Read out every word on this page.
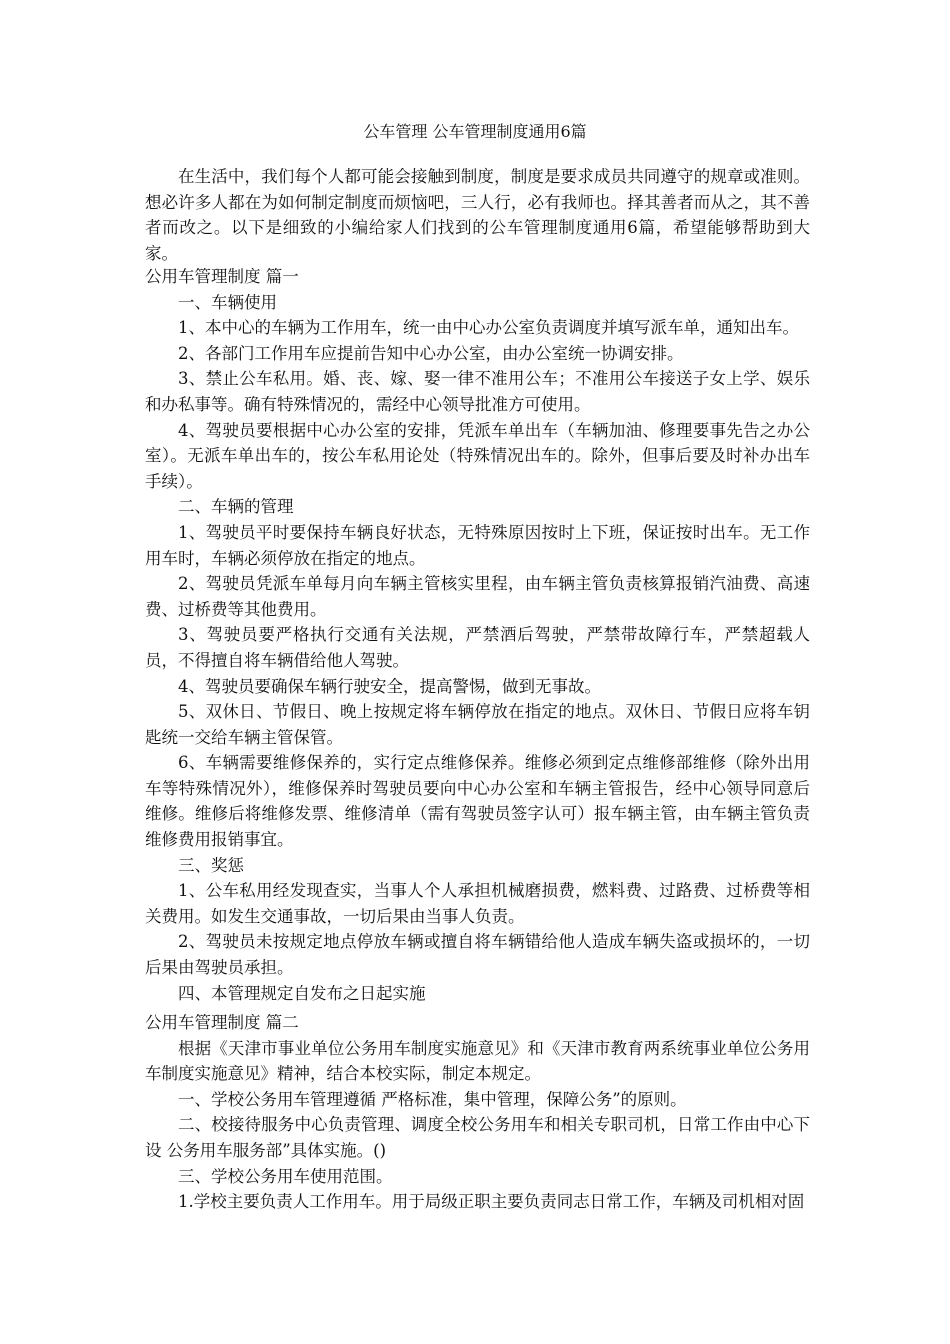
公车管理 公车管理制度通用6篇

在生活中，我们每个人都可能会接触到制度，制度是要求成员共同遵守的规章或准则。想必许多人都在为如何制定制度而烦恼吧，三人行，必有我师也。择其善者而从之，其不善者而改之。以下是细致的小编给家人们找到的公车管理制度通用6篇，希望能够帮助到大家。

公用车管理制度 篇一

一、车辆使用

1、本中心的车辆为工作用车，统一由中心办公室负责调度并填写派车单，通知出车。

2、各部门工作用车应提前告知中心办公室，由办公室统一协调安排。

3、禁止公车私用。婚、丧、嫁、娶一律不准用公车；不准用公车接送子女上学、娱乐和办私事等。确有特殊情况的，需经中心领导批准方可使用。

4、驾驶员要根据中心办公室的安排，凭派车单出车（车辆加油、修理要事先告之办公室）。无派车单出车的，按公车私用论处（特殊情况出车的。除外，但事后要及时补办出车手续）。

二、车辆的管理

1、驾驶员平时要保持车辆良好状态，无特殊原因按时上下班，保证按时出车。无工作用车时，车辆必须停放在指定的地点。

2、驾驶员凭派车单每月向车辆主管核实里程，由车辆主管负责核算报销汽油费、高速费、过桥费等其他费用。

3、驾驶员要严格执行交通有关法规，严禁酒后驾驶，严禁带故障行车，严禁超载人员，不得擅自将车辆借给他人驾驶。

4、驾驶员要确保车辆行驶安全，提高警惕，做到无事故。

5、双休日、节假日、晚上按规定将车辆停放在指定的地点。双休日、节假日应将车钥匙统一交给车辆主管保管。

6、车辆需要维修保养的，实行定点维修保养。维修必须到定点维修部维修（除外出用车等特殊情况外），维修保养时驾驶员要向中心办公室和车辆主管报告，经中心领导同意后维修。维修后将维修发票、维修清单（需有驾驶员签字认可）报车辆主管，由车辆主管负责维修费用报销事宜。

三、奖惩

1、公车私用经发现查实，当事人个人承担机械磨损费，燃料费、过路费、过桥费等相关费用。如发生交通事故，一切后果由当事人负责。

2、驾驶员未按规定地点停放车辆或擅自将车辆错给他人造成车辆失盗或损坏的，一切后果由驾驶员承担。

四、本管理规定自发布之日起实施

公用车管理制度 篇二

根据《天津市事业单位公务用车制度实施意见》和《天津市教育两系统事业单位公务用车制度实施意见》精神，结合本校实际，制定本规定。

一、学校公务用车管理遵循 严格标准，集中管理，保障公务”的原则。

二、校接待服务中心负责管理、调度全校公务用车和相关专职司机，日常工作由中心下设 公务用车服务部”具体实施。()

三、学校公务用车使用范围。

1.学校主要负责人工作用车。用于局级正职主要负责同志日常工作，车辆及司机相对固
